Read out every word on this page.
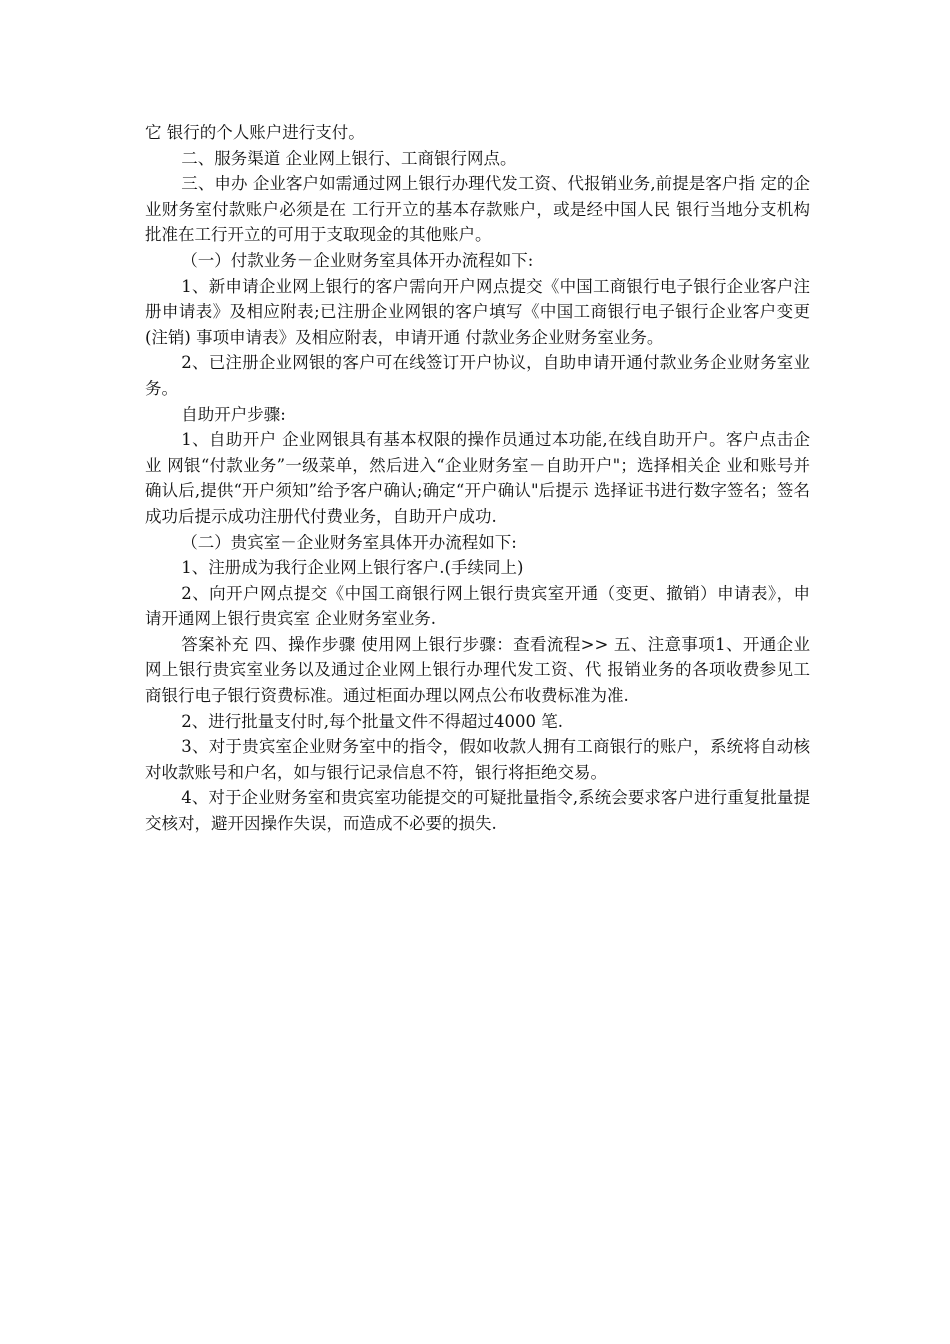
它 银行的个人账户进行支付。

二、服务渠道 企业网上银行、工商银行网点。

三、申办 企业客户如需通过网上银行办理代发工资、代报销业务,前提是客户指 定的企业财务室付款账户必须是在 工行开立的基本存款账户，或是经中国人民 银行当地分支机构批准在工行开立的可用于支取现金的其他账户。

（一）付款业务－企业财务室具体开办流程如下:

1、新申请企业网上银行的客户需向开户网点提交《中国工商银行电子银行企业客户注册申请表》及相应附表;已注册企业网银的客户填写《中国工商银行电子银行企业客户变更(注销) 事项申请表》及相应附表，申请开通 付款业务企业财务室业务。

2、已注册企业网银的客户可在线签订开户协议，自助申请开通付款业务企业财务室业务。

自助开户步骤:

1、自助开户 企业网银具有基本权限的操作员通过本功能,在线自助开户。客户点击企业 网银“付款业务”一级菜单，然后进入“企业财务室－自助开户"；选择相关企 业和账号并确认后,提供“开户须知”给予客户确认;确定“开户确认"后提示 选择证书进行数字签名；签名成功后提示成功注册代付费业务，自助开户成功.

（二）贵宾室－企业财务室具体开办流程如下:

1、注册成为我行企业网上银行客户.(手续同上)

2、向开户网点提交《中国工商银行网上银行贵宾室开通（变更、撤销）申请表》，申请开通网上银行贵宾室 企业财务室业务.

答案补充 四、操作步骤 使用网上银行步骤：查看流程>> 五、注意事项1、开通企业网上银行贵宾室业务以及通过企业网上银行办理代发工资、代 报销业务的各项收费参见工商银行电子银行资费标准。通过柜面办理以网点公布收费标准为准.

2、进行批量支付时,每个批量文件不得超过4000 笔.

3、对于贵宾室企业财务室中的指令，假如收款人拥有工商银行的账户，系统将自动核对收款账号和户名，如与银行记录信息不符，银行将拒绝交易。

4、对于企业财务室和贵宾室功能提交的可疑批量指令,系统会要求客户进行重复批量提交核对，避开因操作失误，而造成不必要的损失.
